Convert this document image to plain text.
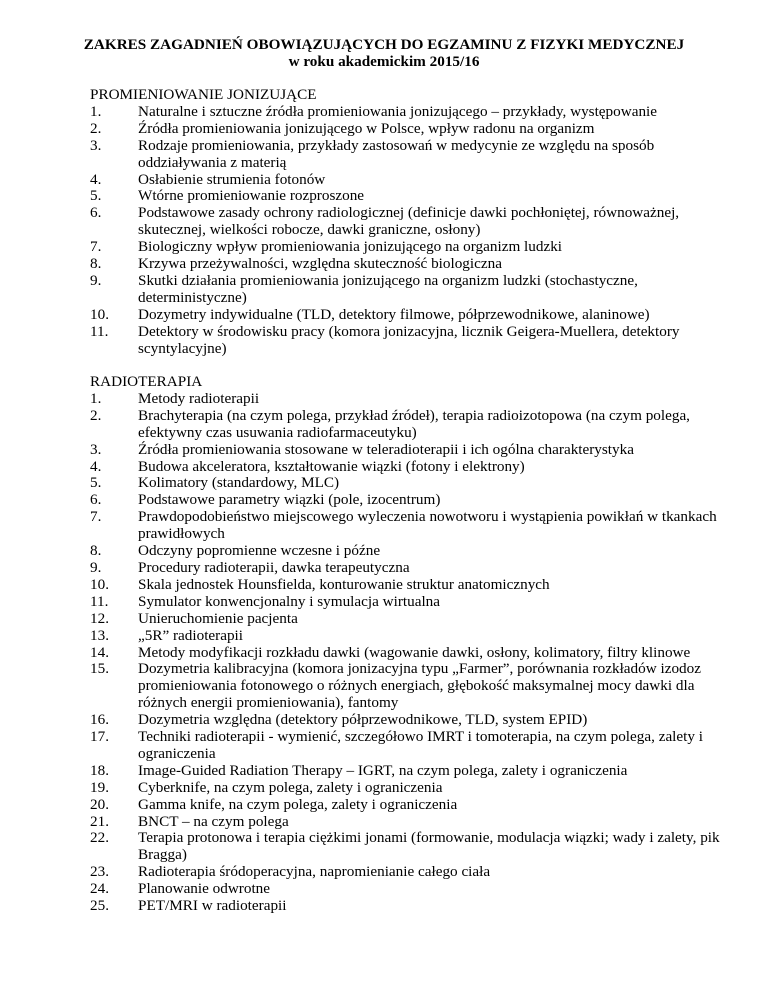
ZAKRES ZAGADNIEŃ OBOWIĄZUJĄCYCH DO EGZAMINU Z FIZYKI MEDYCZNEJ
w roku akademickim 2015/16
PROMIENIOWANIE JONIZUJĄCE
1.	Naturalne i sztuczne źródła promieniowania jonizującego – przykłady, występowanie
2.	Źródła promieniowania jonizującego w Polsce, wpływ radonu na organizm
3.	Rodzaje promieniowania, przykłady zastosowań w medycynie ze względu na sposób oddziaływania z materią
4.	Osłabienie strumienia fotonów
5.	Wtórne promieniowanie rozproszone
6.	Podstawowe zasady ochrony radiologicznej (definicje dawki pochłoniętej, równoważnej, skutecznej, wielkości robocze, dawki graniczne, osłony)
7.	Biologiczny wpływ promieniowania jonizującego na organizm ludzki
8.	Krzywa przeżywalności, względna skuteczność biologiczna
9.	Skutki działania promieniowania jonizującego na organizm ludzki (stochastyczne, deterministyczne)
10.	Dozymetry indywidualne (TLD, detektory filmowe, półprzewodnikowe, alaninowe)
11.	Detektory w środowisku pracy (komora jonizacyjna, licznik Geigera-Muellera, detektory scyntylacyjne)
RADIOTERAPIA
1.	Metody radioterapii
2.	Brachyterapia (na czym polega, przykład źródeł), terapia radioizotopowa (na czym polega, efektywny czas usuwania radiofarmaceutyku)
3.	Źródła promieniowania stosowane w teleradioterapii i ich ogólna charakterystyka
4.	Budowa akceleratora, kształtowanie wiązki (fotony i elektrony)
5.	Kolimatory (standardowy, MLC)
6.	Podstawowe parametry wiązki (pole, izocentrum)
7.	Prawdopodobieństwo miejscowego wyleczenia nowotworu i wystąpienia powikłań w tkankach prawidłowych
8.	Odczyny popromienne wczesne i późne
9.	Procedury radioterapii, dawka terapeutyczna
10.	Skala jednostek Hounsfielda, konturowanie struktur anatomicznych
11.	Symulator konwencjonalny i symulacja wirtualna
12.	Unieruchomienie pacjenta
13.	„5R” radioterapii
14.	Metody modyfikacji rozkładu dawki (wagowanie dawki, osłony, kolimatory, filtry klinowe
15.	Dozymetria kalibracyjna (komora jonizacyjna typu „Farmer”, porównania rozkładów izodoz promieniowania fotonowego o różnych energiach, głębokość maksymalnej mocy dawki dla różnych energii promieniowania), fantomy
16.	Dozymetria względna (detektory półprzewodnikowe, TLD, system EPID)
17.	Techniki radioterapii - wymienić, szczegółowo IMRT i tomoterapia, na czym polega, zalety i ograniczenia
18.	Image-Guided Radiation Therapy – IGRT, na czym polega, zalety i ograniczenia
19.	Cyberknife, na czym polega, zalety i ograniczenia
20.	Gamma knife, na czym polega, zalety i ograniczenia
21.	BNCT – na czym polega
22.	Terapia protonowa i terapia ciężkimi jonami (formowanie, modulacja wiązki; wady i zalety, pik Bragga)
23.	Radioterapia śródoperacyjna, napromienianie całego ciała
24.	Planowanie odwrotne
25.	PET/MRI w radioterapii
